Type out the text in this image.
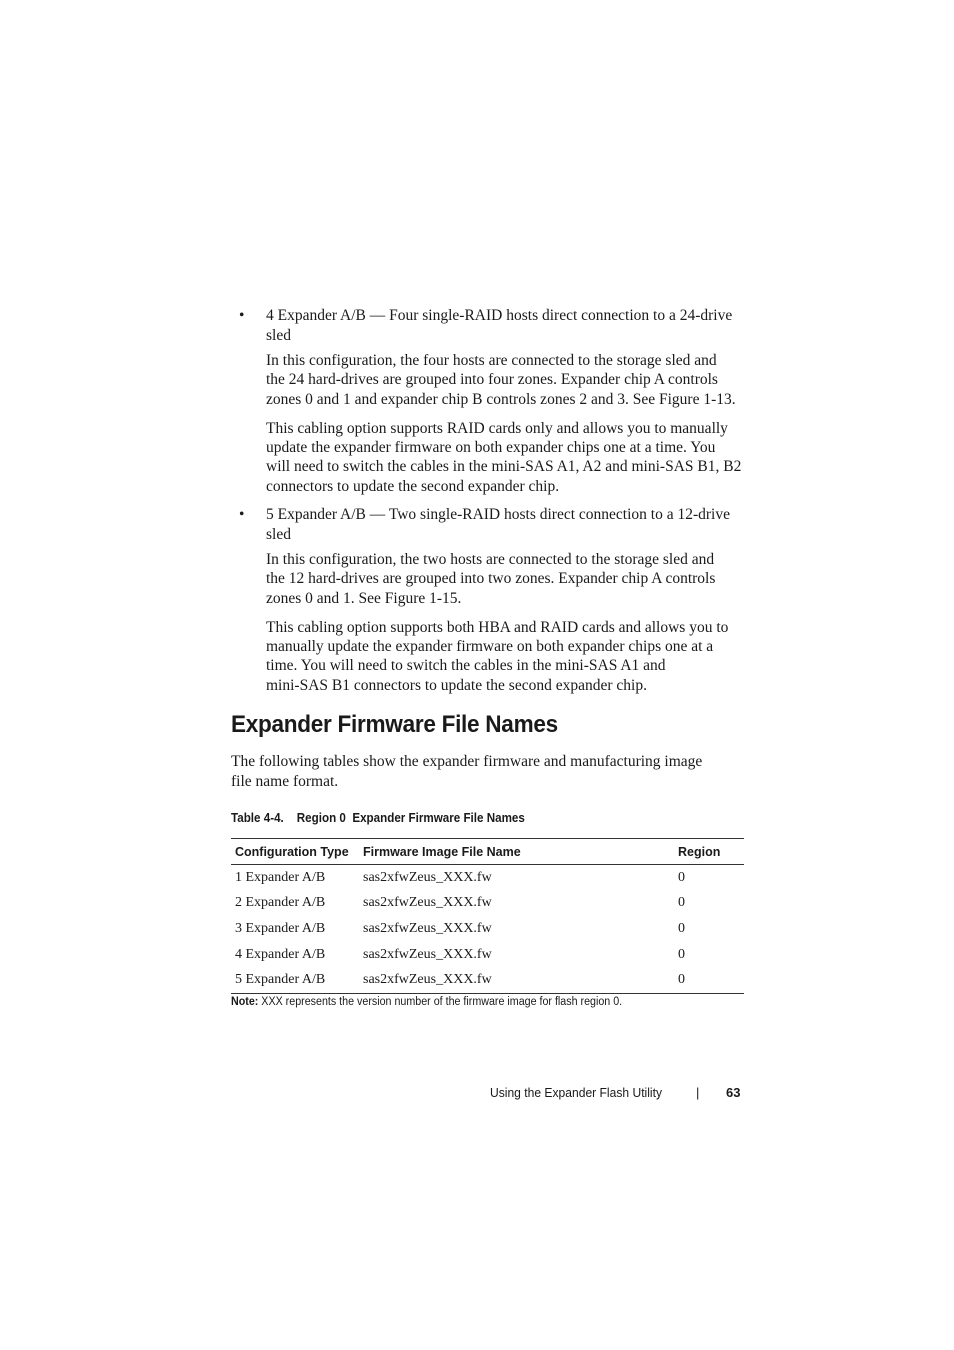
• 4 Expander A/B — Four single-RAID hosts direct connection to a 24-drive
sled
In this configuration, the four hosts are connected to the storage sled and
the 24 hard-drives are grouped into four zones. Expander chip A controls
zones 0 and 1 and expander chip B controls zones 2 and 3. See Figure 1-13.
This cabling option supports RAID cards only and allows you to manually
update the expander firmware on both expander chips one at a time. You
will need to switch the cables in the mini-SAS A1, A2 and mini-SAS B1, B2
connectors to update the second expander chip.
• 5 Expander A/B — Two single-RAID hosts direct connection to a 12-drive
sled
In this configuration, the two hosts are connected to the storage sled and
the 12 hard-drives are grouped into two zones. Expander chip A controls
zones 0 and 1. See Figure 1-15.
This cabling option supports both HBA and RAID cards and allows you to
manually update the expander firmware on both expander chips one at a
time. You will need to switch the cables in the mini-SAS A1 and
mini-SAS B1 connectors to update the second expander chip.
Expander Firmware File Names
The following tables show the expander firmware and manufacturing image
file name format.
Table 4-4. Region 0  Expander Firmware File Names
Configuration Type	Firmware Image File Name	Region
1 Expander A/B	sas2xfwZeus_XXX.fw	0
2 Expander A/B	sas2xfwZeus_XXX.fw	0
3 Expander A/B	sas2xfwZeus_XXX.fw	0
4 Expander A/B	sas2xfwZeus_XXX.fw	0
5 Expander A/B	sas2xfwZeus_XXX.fw	0
Note: XXX represents the version number of the firmware image for flash region 0.
Using the Expander Flash Utility	| 63
